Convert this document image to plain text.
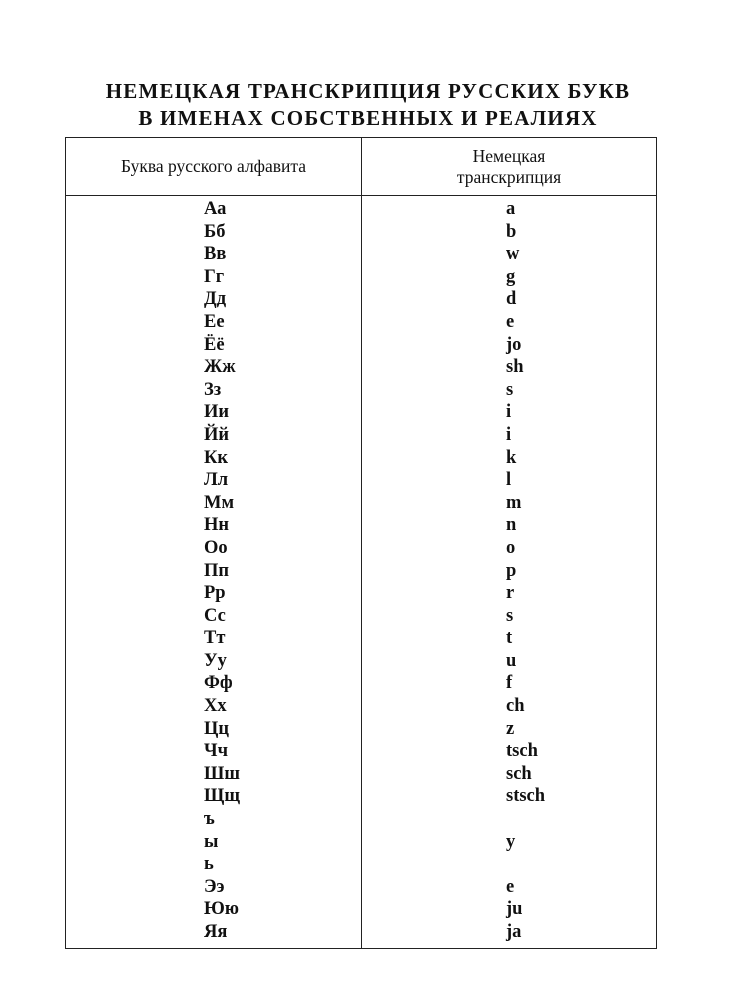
НЕМЕЦКАЯ ТРАНСКРИПЦИЯ РУССКИХ БУКВ
В ИМЕНАХ СОБСТВЕННЫХ И РЕАЛИЯХ
Буква русского алфавита
Немецкая
транскрипция
Аа	a
Бб	b
Вв	w
Гг	g
Дд	d
Ее	e
Ёё	jo
Жж	sh
Зз	s
Ии	i
Йй	i
Кк	k
Лл	l
Мм	m
Нн	n
Оо	o
Пп	p
Рр	r
Сс	s
Тт	t
Уу	u
Фф	f
Хх	ch
Цц	z
Чч	tsch
Шш	sch
Щщ	stsch
ъ
ы	y
ь
Ээ	e
Юю	ju
Яя	ja
